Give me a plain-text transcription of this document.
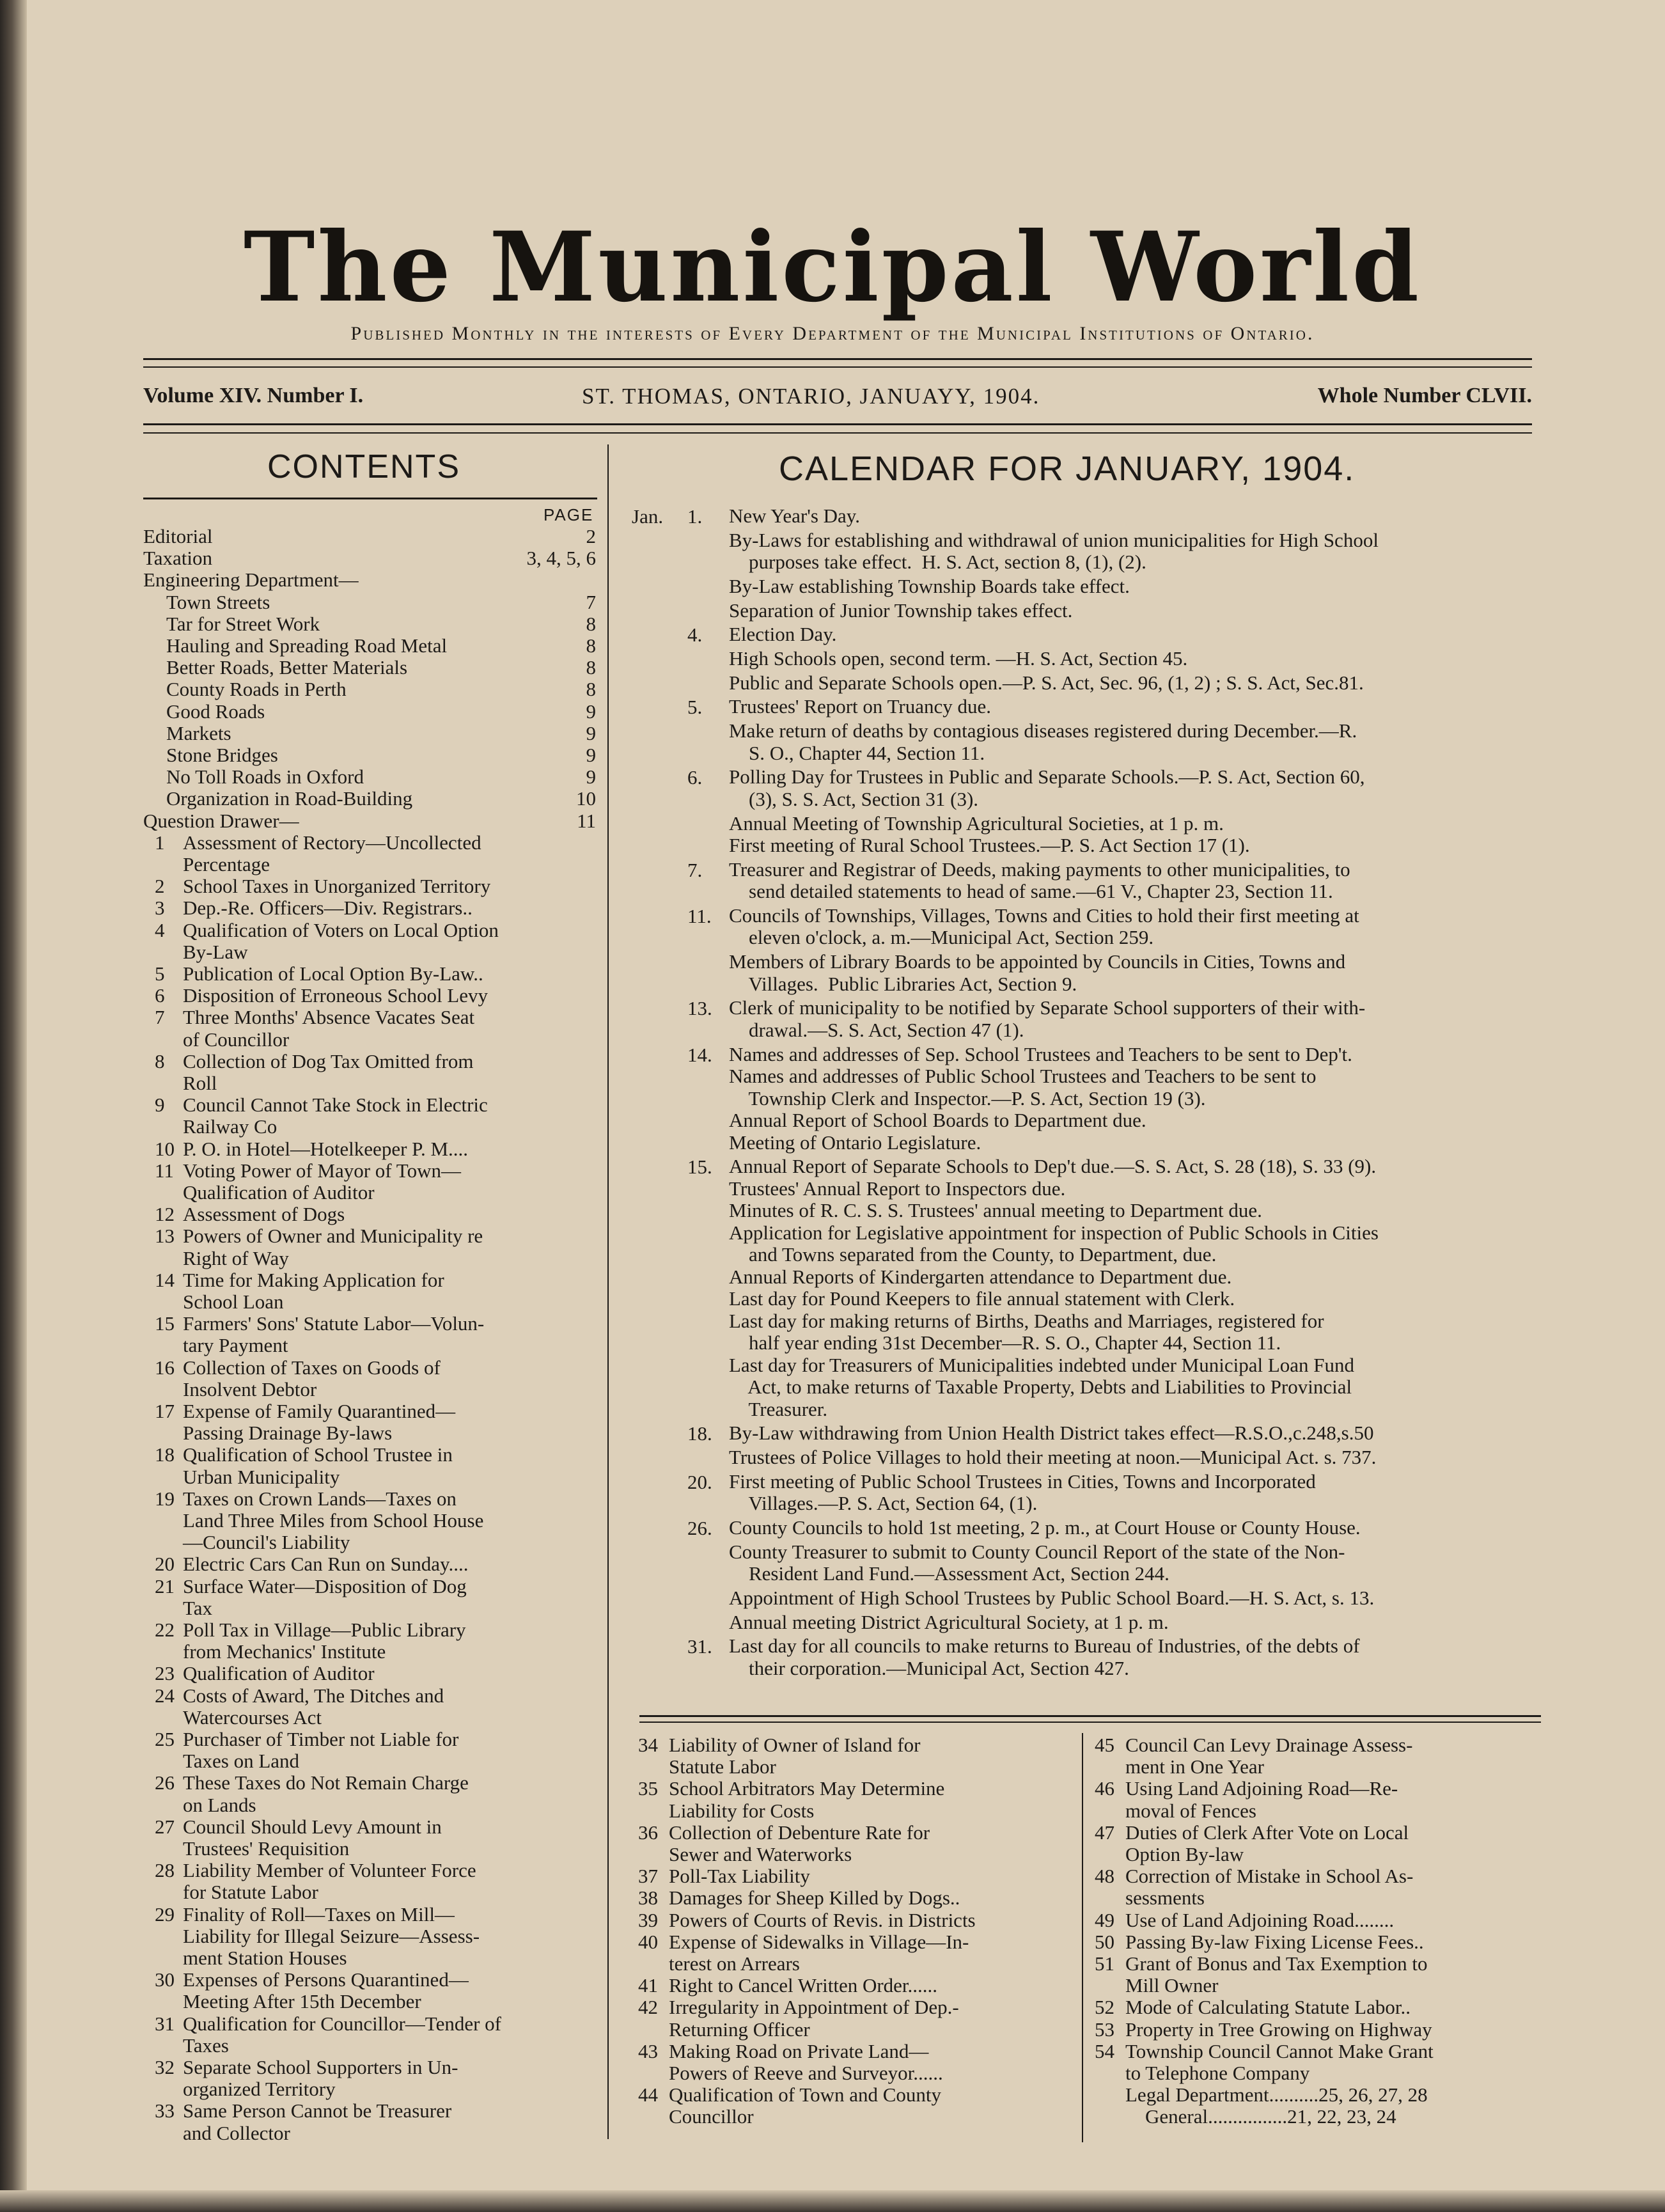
The Municipal World
Published Monthly in the interests of Every Department of the Municipal Institutions of Ontario.
Volume XIV. Number I.	ST. THOMAS, ONTARIO, JANUAYY, 1904.	Whole Number CLVII.
CONTENTS
PAGE
Editorial	2
Taxation	3, 4, 5, 6
Engineering Department—
Town Streets	7
Tar for Street Work	8
Hauling and Spreading Road Metal	8
Better Roads, Better Materials	8
County Roads in Perth	8
Good Roads	9
Markets	9
Stone Bridges	9
No Toll Roads in Oxford	9
Organization in Road-Building	10
Question Drawer—	11
1 Assessment of Rectory—Uncollected
Percentage
2 School Taxes in Unorganized Territory
3 Dep.-Re. Officers—Div. Registrars..
4 Qualification of Voters on Local Option
By-Law
5 Publication of Local Option By-Law..
6 Disposition of Erroneous School Levy
7 Three Months' Absence Vacates Seat
of Councillor
8 Collection of Dog Tax Omitted from
Roll
9 Council Cannot Take Stock in Electric
Railway Co
10 P. O. in Hotel—Hotelkeeper P. M....
11 Voting Power of Mayor of Town—
Qualification of Auditor
12 Assessment of Dogs
13 Powers of Owner and Municipality re
Right of Way
14 Time for Making Application for
School Loan
15 Farmers' Sons' Statute Labor—Volun-
tary Payment
16 Collection of Taxes on Goods of
Insolvent Debtor
17 Expense of Family Quarantined—
Passing Drainage By-laws
18 Qualification of School Trustee in
Urban Municipality
19 Taxes on Crown Lands—Taxes on
Land Three Miles from School House
—Council's Liability
20 Electric Cars Can Run on Sunday....
21 Surface Water—Disposition of Dog
Tax
22 Poll Tax in Village—Public Library
from Mechanics' Institute
23 Qualification of Auditor
24 Costs of Award, The Ditches and
Watercourses Act
25 Purchaser of Timber not Liable for
Taxes on Land
26 These Taxes do Not Remain Charge
on Lands
27 Council Should Levy Amount in
Trustees' Requisition
28 Liability Member of Volunteer Force
for Statute Labor
29 Finality of Roll—Taxes on Mill—
Liability for Illegal Seizure—Assess-
ment Station Houses
30 Expenses of Persons Quarantined—
Meeting After 15th December
31 Qualification for Councillor—Tender of
Taxes
32 Separate School Supporters in Un-
organized Territory
33 Same Person Cannot be Treasurer
and Collector
CALENDAR FOR JANUARY, 1904.
Jan. 1. New Year's Day.
By-Laws for establishing and withdrawal of union municipalities for High School
purposes take effect.  H. S. Act, section 8, (1), (2).
By-Law establishing Township Boards take effect.
Separation of Junior Township takes effect.
4. Election Day.
High Schools open, second term. —H. S. Act, Section 45.
Public and Separate Schools open.—P. S. Act, Sec. 96, (1, 2) ; S. S. Act, Sec.81.
5. Trustees' Report on Truancy due.
Make return of deaths by contagious diseases registered during December.—R.
S. O., Chapter 44, Section 11.
6. Polling Day for Trustees in Public and Separate Schools.—P. S. Act, Section 60,
(3), S. S. Act, Section 31 (3).
Annual Meeting of Township Agricultural Societies, at 1 p. m.
First meeting of Rural School Trustees.—P. S. Act Section 17 (1).
7. Treasurer and Registrar of Deeds, making payments to other municipalities, to
send detailed statements to head of same.—61 V., Chapter 23, Section 11.
11. Councils of Townships, Villages, Towns and Cities to hold their first meeting at
eleven o'clock, a. m.—Municipal Act, Section 259.
Members of Library Boards to be appointed by Councils in Cities, Towns and
Villages.  Public Libraries Act, Section 9.
13. Clerk of municipality to be notified by Separate School supporters of their with-
drawal.—S. S. Act, Section 47 (1).
14. Names and addresses of Sep. School Trustees and Teachers to be sent to Dep't.
Names and addresses of Public School Trustees and Teachers to be sent to
Township Clerk and Inspector.—P. S. Act, Section 19 (3).
Annual Report of School Boards to Department due.
Meeting of Ontario Legislature.
15. Annual Report of Separate Schools to Dep't due.—S. S. Act, S. 28 (18), S. 33 (9).
Trustees' Annual Report to Inspectors due.
Minutes of R. C. S. S. Trustees' annual meeting to Department due.
Application for Legislative appointment for inspection of Public Schools in Cities
and Towns separated from the County, to Department, due.
Annual Reports of Kindergarten attendance to Department due.
Last day for Pound Keepers to file annual statement with Clerk.
Last day for making returns of Births, Deaths and Marriages, registered for
half year ending 31st December—R. S. O., Chapter 44, Section 11.
Last day for Treasurers of Municipalities indebted under Municipal Loan Fund
Act, to make returns of Taxable Property, Debts and Liabilities to Provincial
Treasurer.
18. By-Law withdrawing from Union Health District takes effect—R.S.O.,c.248,s.50
Trustees of Police Villages to hold their meeting at noon.—Municipal Act. s. 737.
20. First meeting of Public School Trustees in Cities, Towns and Incorporated
Villages.—P. S. Act, Section 64, (1).
26. County Councils to hold 1st meeting, 2 p. m., at Court House or County House.
County Treasurer to submit to County Council Report of the state of the Non-
Resident Land Fund.—Assessment Act, Section 244.
Appointment of High School Trustees by Public School Board.—H. S. Act, s. 13.
Annual meeting District Agricultural Society, at 1 p. m.
31. Last day for all councils to make returns to Bureau of Industries, of the debts of
their corporation.—Municipal Act, Section 427.
34 Liability of Owner of Island for
Statute Labor
35 School Arbitrators May Determine
Liability for Costs
36 Collection of Debenture Rate for
Sewer and Waterworks
37 Poll-Tax Liability
38 Damages for Sheep Killed by Dogs..
39 Powers of Courts of Revis. in Districts
40 Expense of Sidewalks in Village—In-
terest on Arrears
41 Right to Cancel Written Order......
42 Irregularity in Appointment of Dep.-
Returning Officer
43 Making Road on Private Land—
Powers of Reeve and Surveyor......
44 Qualification of Town and County
Councillor
45 Council Can Levy Drainage Assess-
ment in One Year
46 Using Land Adjoining Road—Re-
moval of Fences
47 Duties of Clerk After Vote on Local
Option By-law
48 Correction of Mistake in School As-
sessments
49 Use of Land Adjoining Road........
50 Passing By-law Fixing License Fees..
51 Grant of Bonus and Tax Exemption to
Mill Owner
52 Mode of Calculating Statute Labor..
53 Property in Tree Growing on Highway
54 Township Council Cannot Make Grant
to Telephone Company
Legal Department..........25, 26, 27, 28
General................21, 22, 23, 24
